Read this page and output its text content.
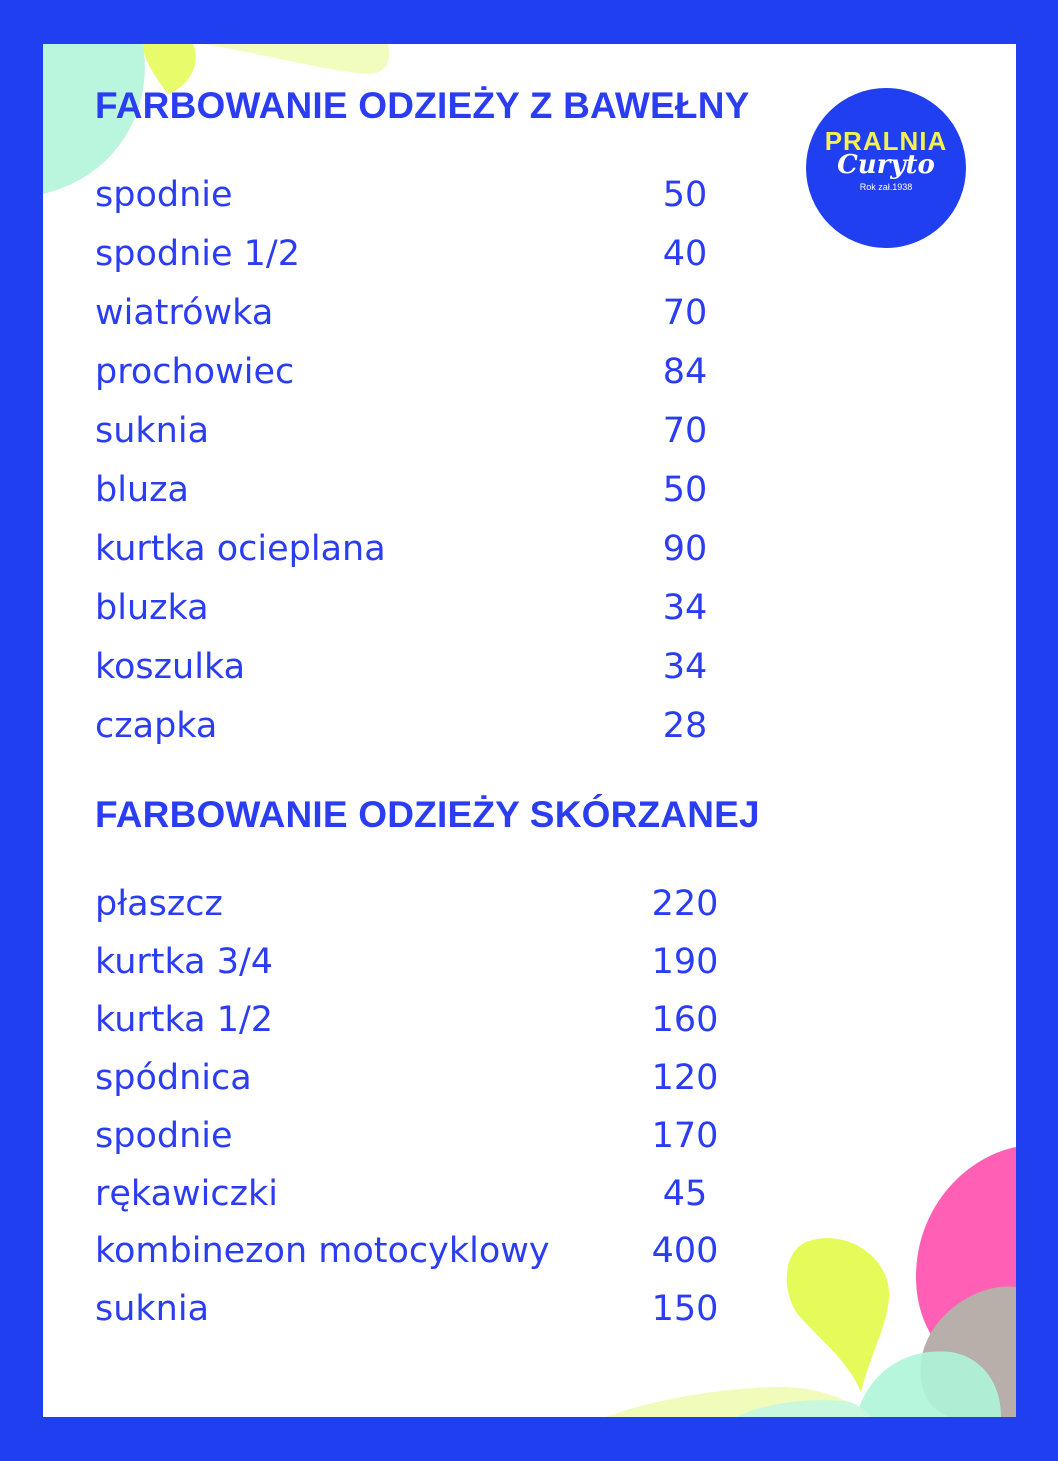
PRALNIA
Curyto
Rok zał.1938
FARBOWANIE ODZIEŻY Z BAWEŁNY
spodnie	50
spodnie 1/2	40
wiatrówka	70
prochowiec	84
suknia	70
bluza	50
kurtka ocieplana	90
bluzka	34
koszulka	34
czapka	28
FARBOWANIE ODZIEŻY SKÓRZANEJ
płaszcz	220
kurtka 3/4	190
kurtka 1/2	160
spódnica	120
spodnie	170
rękawiczki	45
kombinezon motocyklowy	400
suknia	150
